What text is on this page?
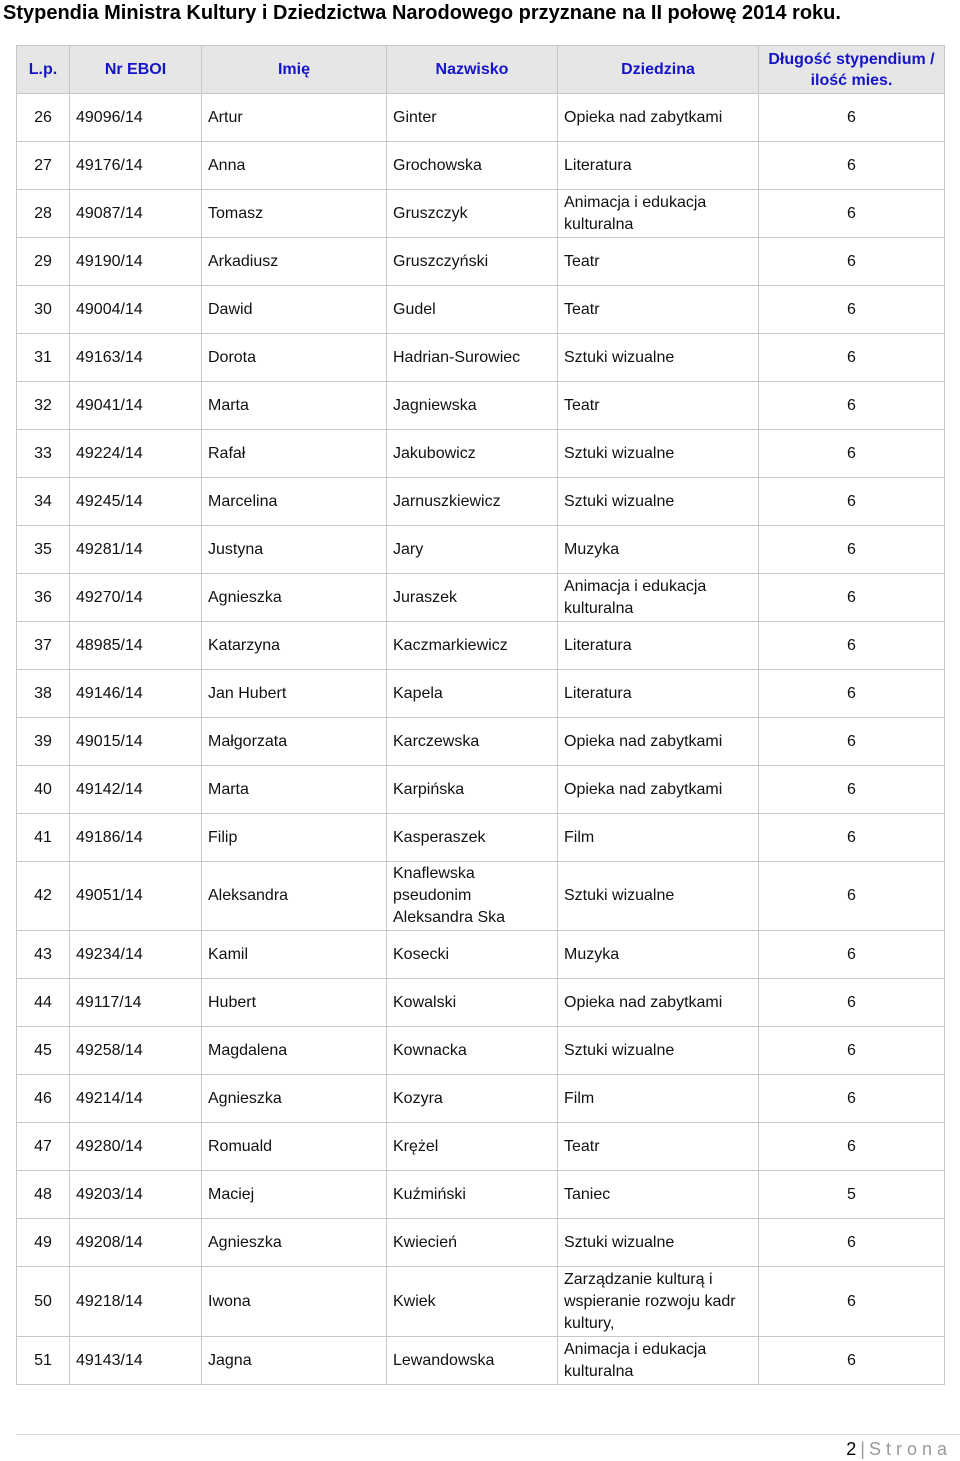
Stypendia Ministra Kultury i Dziedzictwa Narodowego przyznane na II połowę 2014 roku.
L.p.	Nr EBOI	Imię	Nazwisko	Dziedzina	Długość stypendium / ilość mies.
26	49096/14	Artur	Ginter	Opieka nad zabytkami	6
27	49176/14	Anna	Grochowska	Literatura	6
28	49087/14	Tomasz	Gruszczyk	Animacja i edukacja kulturalna	6
29	49190/14	Arkadiusz	Gruszczyński	Teatr	6
30	49004/14	Dawid	Gudel	Teatr	6
31	49163/14	Dorota	Hadrian-Surowiec	Sztuki wizualne	6
32	49041/14	Marta	Jagniewska	Teatr	6
33	49224/14	Rafał	Jakubowicz	Sztuki wizualne	6
34	49245/14	Marcelina	Jarnuszkiewicz	Sztuki wizualne	6
35	49281/14	Justyna	Jary	Muzyka	6
36	49270/14	Agnieszka	Juraszek	Animacja i edukacja kulturalna	6
37	48985/14	Katarzyna	Kaczmarkiewicz	Literatura	6
38	49146/14	Jan Hubert	Kapela	Literatura	6
39	49015/14	Małgorzata	Karczewska	Opieka nad zabytkami	6
40	49142/14	Marta	Karpińska	Opieka nad zabytkami	6
41	49186/14	Filip	Kasperaszek	Film	6
42	49051/14	Aleksandra	Knaflewska pseudonim Aleksandra Ska	Sztuki wizualne	6
43	49234/14	Kamil	Kosecki	Muzyka	6
44	49117/14	Hubert	Kowalski	Opieka nad zabytkami	6
45	49258/14	Magdalena	Kownacka	Sztuki wizualne	6
46	49214/14	Agnieszka	Kozyra	Film	6
47	49280/14	Romuald	Krężel	Teatr	6
48	49203/14	Maciej	Kuźmiński	Taniec	5
49	49208/14	Agnieszka	Kwiecień	Sztuki wizualne	6
50	49218/14	Iwona	Kwiek	Zarządzanie kulturą i wspieranie rozwoju kadr kultury,	6
51	49143/14	Jagna	Lewandowska	Animacja i edukacja kulturalna	6
2 | Strona
